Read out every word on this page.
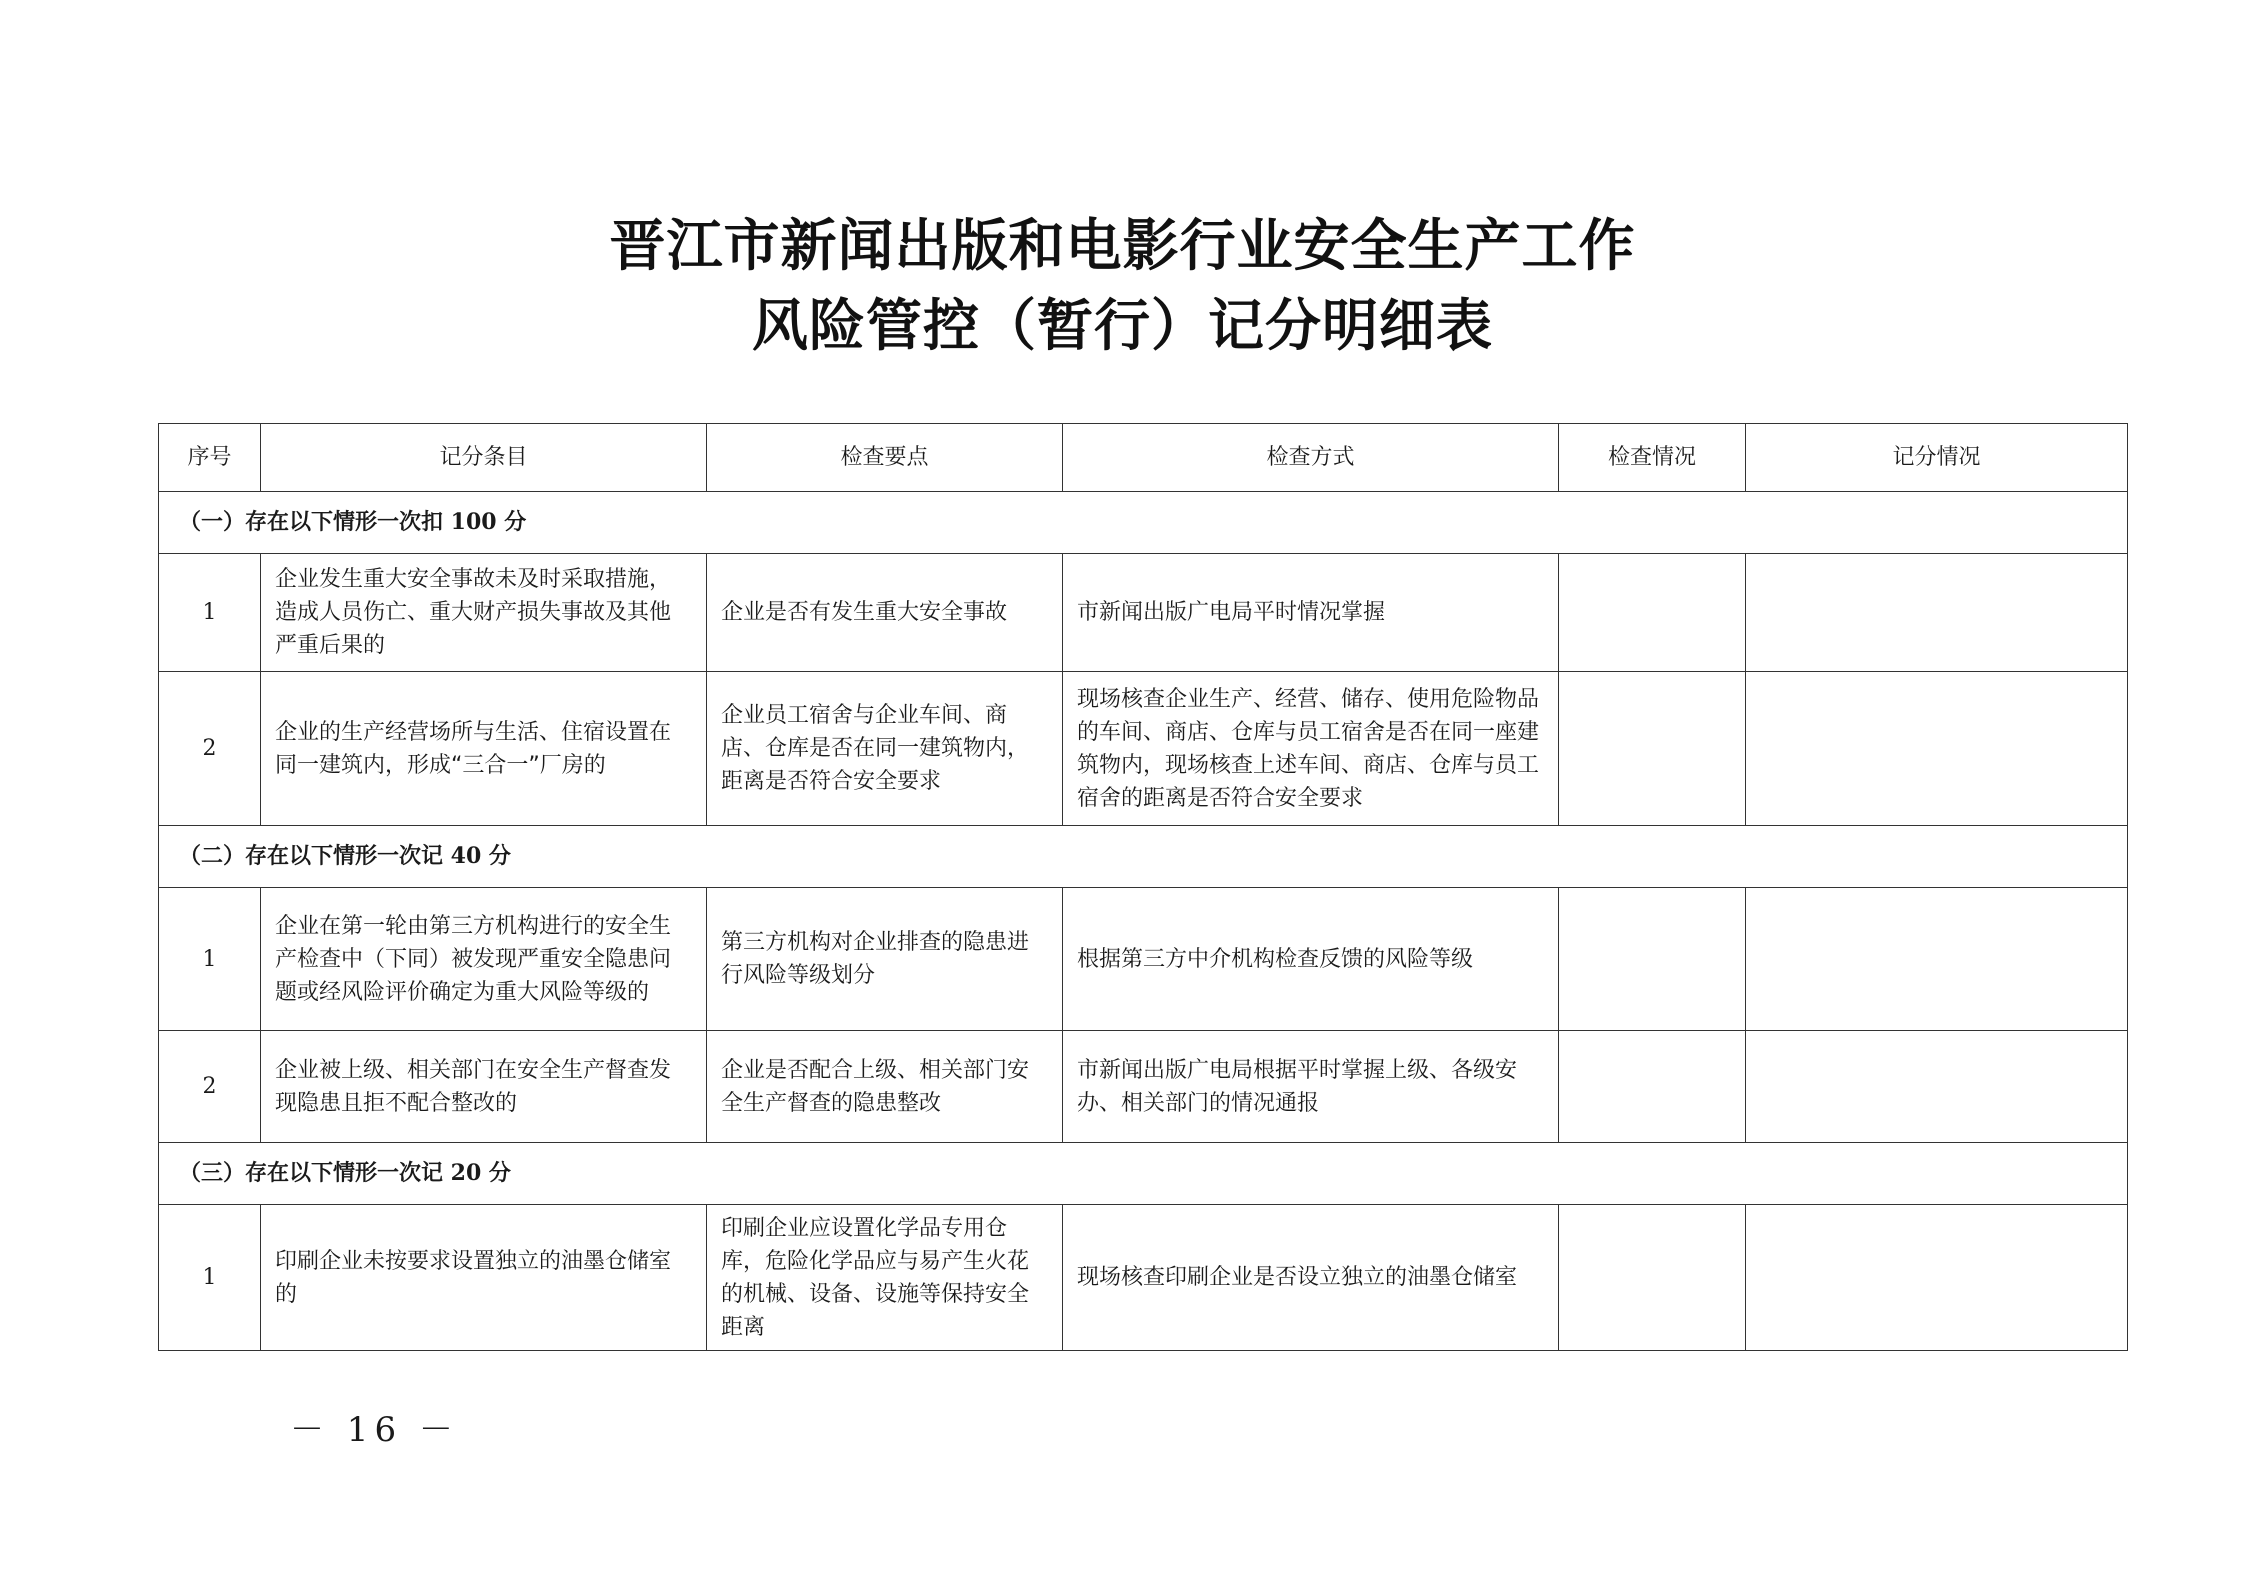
晋江市新闻出版和电影行业安全生产工作
风险管控（暂行）记分明细表
序号	记分条目	检查要点	检查方式	检查情况	记分情况
（一）存在以下情形一次扣 100 分					
1	企业发生重大安全事故未及时采取措施，造成人员伤亡、重大财产损失事故及其他严重后果的	企业是否有发生重大安全事故	市新闻出版广电局平时情况掌握		
2	企业的生产经营场所与生活、住宿设置在同一建筑内，形成“三合一”厂房的	企业员工宿舍与企业车间、商店、仓库是否在同一建筑物内，距离是否符合安全要求	现场核查企业生产、经营、储存、使用危险物品的车间、商店、仓库与员工宿舍是否在同一座建筑物内，现场核查上述车间、商店、仓库与员工宿舍的距离是否符合安全要求		
（二）存在以下情形一次记 40 分					
1	企业在第一轮由第三方机构进行的安全生产检查中（下同）被发现严重安全隐患问题或经风险评价确定为重大风险等级的	第三方机构对企业排查的隐患进行风险等级划分	根据第三方中介机构检查反馈的风险等级		
2	企业被上级、相关部门在安全生产督查发现隐患且拒不配合整改的	企业是否配合上级、相关部门安全生产督查的隐患整改	市新闻出版广电局根据平时掌握上级、各级安办、相关部门的情况通报		
（三）存在以下情形一次记 20 分					
1	印刷企业未按要求设置独立的油墨仓储室的	印刷企业应设置化学品专用仓库，危险化学品应与易产生火花的机械、设备、设施等保持安全距离	现场核查印刷企业是否设立独立的油墨仓储室		
－ 16 －
